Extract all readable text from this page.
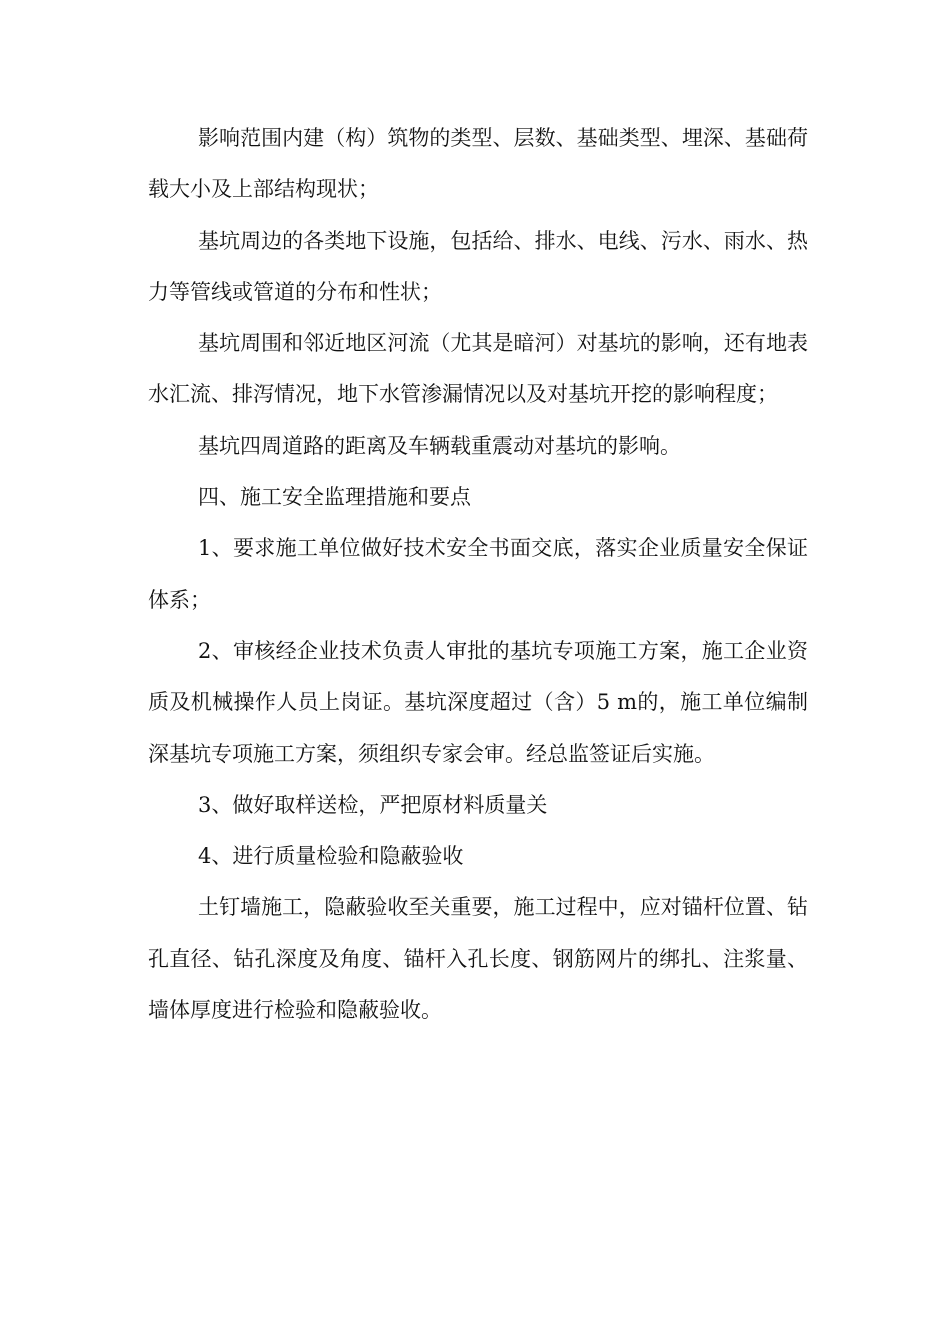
影响范围内建（构）筑物的类型、层数、基础类型、埋深、基础荷载大小及上部结构现状；

基坑周边的各类地下设施，包括给、排水、电线、污水、雨水、热力等管线或管道的分布和性状；

基坑周围和邻近地区河流（尤其是暗河）对基坑的影响，还有地表水汇流、排泻情况，地下水管渗漏情况以及对基坑开挖的影响程度；

基坑四周道路的距离及车辆载重震动对基坑的影响。

四、施工安全监理措施和要点

1、要求施工单位做好技术安全书面交底，落实企业质量安全保证体系；

2、审核经企业技术负责人审批的基坑专项施工方案，施工企业资质及机械操作人员上岗证。基坑深度超过（含）5 m的，施工单位编制深基坑专项施工方案，须组织专家会审。经总监签证后实施。

3、做好取样送检，严把原材料质量关

4、进行质量检验和隐蔽验收

土钉墙施工，隐蔽验收至关重要，施工过程中，应对锚杆位置、钻孔直径、钻孔深度及角度、锚杆入孔长度、钢筋网片的绑扎、注浆量、墙体厚度进行检验和隐蔽验收。
